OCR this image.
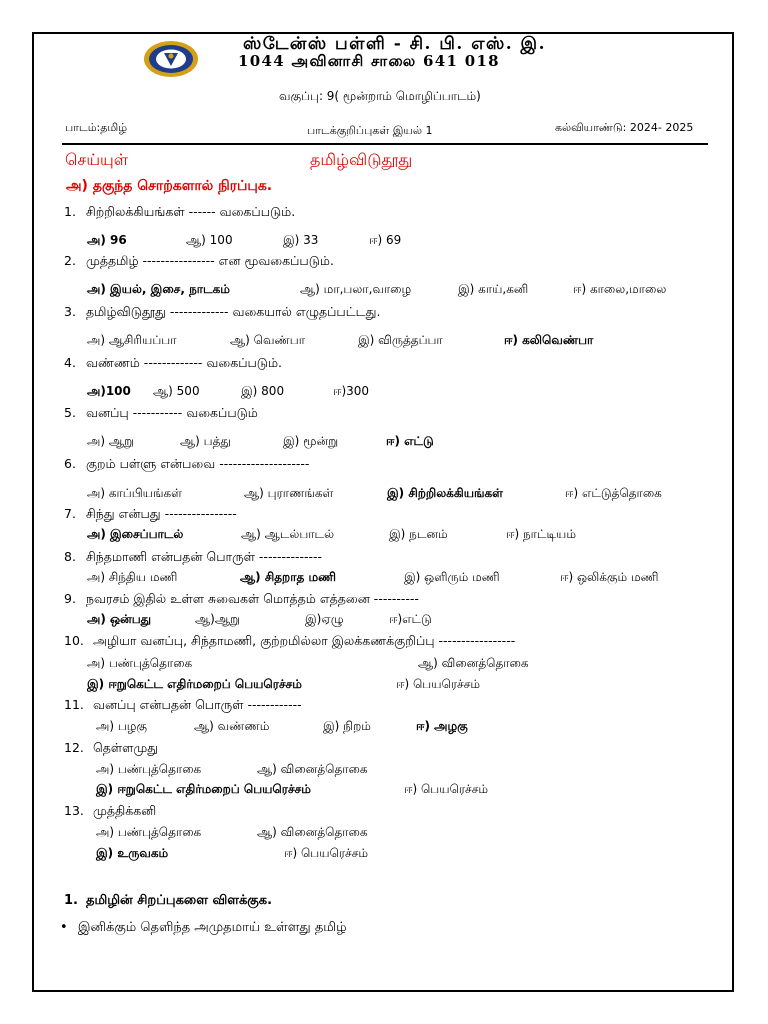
ஸ்டேன்ஸ் பள்ளி - சி. பி. எஸ். இ.
1044 அவினாசி சாலை 641 018
வகுப்பு: 9( மூன்றாம் மொழிப்பாடம்)
பாடம்:தமிழ்	பாடக்குறிப்புகள் இயல் 1	கல்வியாண்டு: 2024- 2025
செய்யுள்	தமிழ்விடுதூது
அ) தகுந்த சொற்களால் நிரப்புக.
1. சிற்றிலக்கியங்கள் ------ வகைப்படும்.
அ) 96	ஆ) 100	இ) 33	ஈ) 69
2. முத்தமிழ் ---------------- என மூவகைப்படும்.
அ) இயல், இசை, நாடகம்	ஆ) மா,பலா,வாழை	இ) காய்,கனி	ஈ) காலை,மாலை
3. தமிழ்விடுதூது ------------- வகையால் எழுதப்பட்டது.
அ) ஆசிரியப்பா	ஆ) வெண்பா	இ) விருத்தப்பா	ஈ) கலிவெண்பா
4. வண்ணம் ------------- வகைப்படும்.
அ)100 ஆ) 500	இ) 800	ஈ)300
5. வனப்பு ----------- வகைப்படும்
அ) ஆறு	ஆ) பத்து	இ) மூன்று	ஈ) எட்டு
6. குறம் பள்ளு என்பவை --------------------
அ) காப்பியங்கள்	ஆ) புராணங்கள்	இ) சிற்றிலக்கியங்கள்	ஈ) எட்டுத்தொகை
7. சிந்து என்பது ----------------
அ) இசைப்பாடல்	ஆ) ஆடல்பாடல்	இ) நடனம்	ஈ) நாட்டியம்
8. சிந்தமாணி என்பதன் பொருள் --------------
அ) சிந்திய மணி	ஆ) சிதறாத மணி	இ) ஒளிரும் மணி	ஈ) ஒலிக்கும் மணி
9. நவரசம் இதில் உள்ள சுவைகள் மொத்தம் எத்தனை ----------
அ) ஒன்பது	ஆ)ஆறு	இ)ஏழு	ஈ)எட்டு
10. அழியா வனப்பு, சிந்தாமணி, குற்றமில்லா இலக்கணக்குறிப்பு -----------------
அ) பண்புத்தொகை	ஆ) வினைத்தொகை
இ) ஈறுகெட்ட எதிர்மறைப் பெயரெச்சம்	ஈ) பெயரெச்சம்
11. வனப்பு என்பதன் பொருள் ------------
அ) பழகு	ஆ) வண்ணம்	இ) நிறம்	ஈ) அழகு
12. தெள்ளமுது
அ) பண்புத்தொகை	ஆ) வினைத்தொகை
இ) ஈறுகெட்ட எதிர்மறைப் பெயரெச்சம்	ஈ) பெயரெச்சம்
13. முத்திக்கனி
அ) பண்புத்தொகை	ஆ) வினைத்தொகை
இ) உருவகம்	ஈ) பெயரெச்சம்
1. தமிழின் சிறப்புகளை விளக்குக.
• இனிக்கும் தெளிந்த அமுதமாய் உள்ளது தமிழ்
